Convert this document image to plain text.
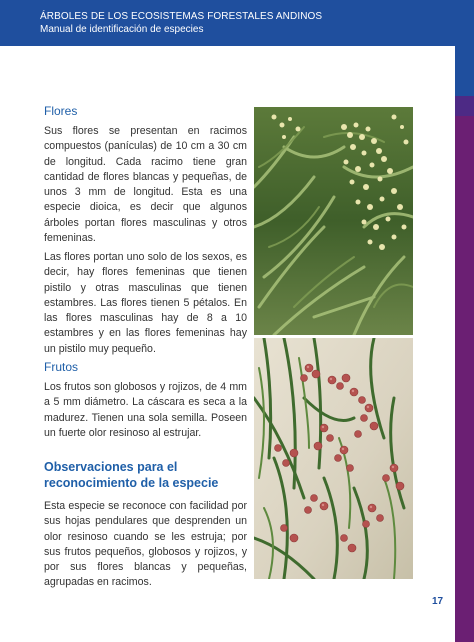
ÁRBOLES DE LOS ECOSISTEMAS FORESTALES ANDINOS
Manual de identificación de especies
Flores

Sus flores se presentan en racimos compuestos (panículas) de 10 cm a 30 cm de longitud. Cada racimo tiene gran cantidad de flores blancas y pequeñas, de unos 3 mm de longitud. Esta es una especie dioica, es decir que algunos árboles portan flores masculinas y otros femeninas.

Las flores portan uno solo de los sexos, es decir, hay flores femeninas que tienen pistilo y otras masculinas que tienen estambres. Las flores tienen 5 pétalos. En las flores masculinas hay de 8 a 10 estambres y en las flores femeninas hay un pistilo muy pequeño.

Frutos

Los frutos son globosos y rojizos, de 4 mm a 5 mm diámetro. La cáscara es seca a la madurez. Tienen una sola semilla. Poseen un fuerte olor resinoso al estrujar.

Observaciones para el reconocimiento de la especie

Esta especie se reconoce con facilidad por sus hojas pendulares que desprenden un olor resinoso cuando se les estruja; por sus frutos pequeños, globosos y rojizos, y por sus flores blancas y pequeñas, agrupadas en racimos.

17
